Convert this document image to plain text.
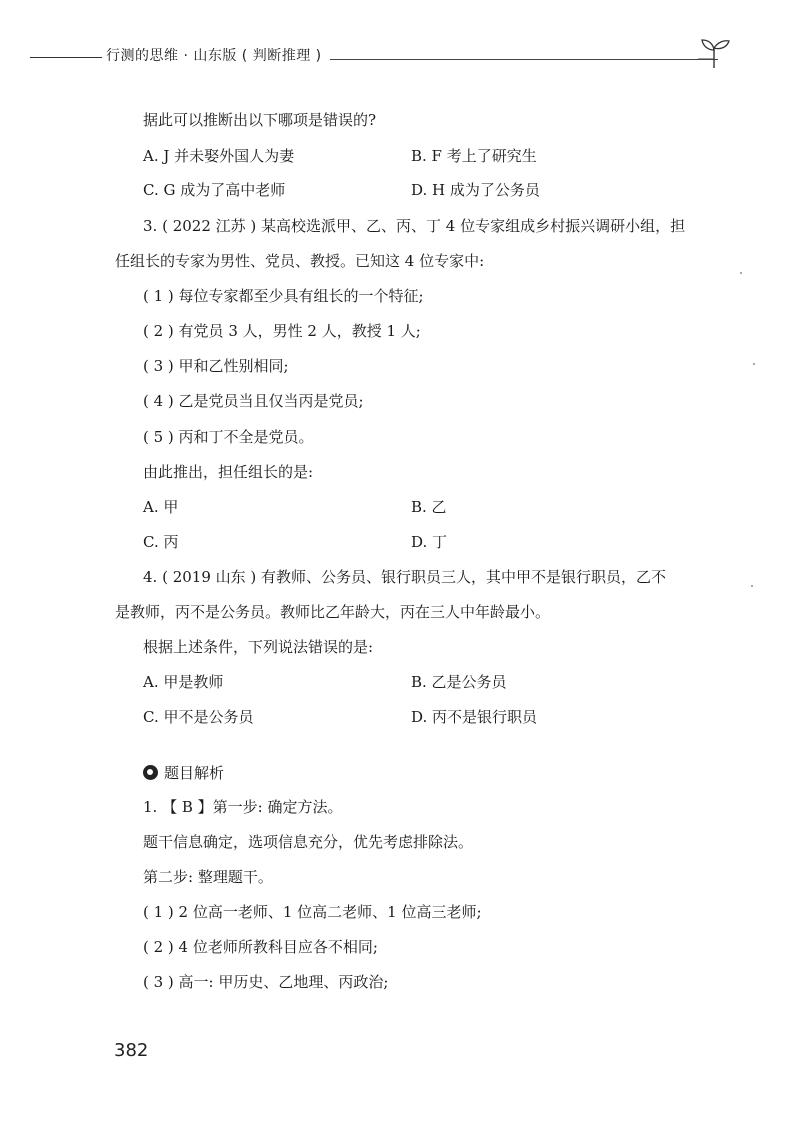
行测的思维 · 山东版 ( 判断推理 )
据此可以推断出以下哪项是错误的?
A. J 并未娶外国人为妻	B. F 考上了研究生
C. G 成为了高中老师	D. H 成为了公务员
3. ( 2022 江苏 ) 某高校选派甲、乙、丙、丁 4 位专家组成乡村振兴调研小组，担
任组长的专家为男性、党员、教授。已知这 4 位专家中:
( 1 ) 每位专家都至少具有组长的一个特征;
( 2 ) 有党员 3 人，男性 2 人，教授 1 人;
( 3 ) 甲和乙性别相同;
( 4 ) 乙是党员当且仅当丙是党员;
( 5 ) 丙和丁不全是党员。
由此推出，担任组长的是:
A. 甲	B. 乙
C. 丙	D. 丁
4. ( 2019 山东 ) 有教师、公务员、银行职员三人，其中甲不是银行职员，乙不
是教师，丙不是公务员。教师比乙年龄大，丙在三人中年龄最小。
根据上述条件，下列说法错误的是:
A. 甲是教师	B. 乙是公务员
C. 甲不是公务员	D. 丙不是银行职员
题目解析
1. 【 B 】第一步: 确定方法。
题干信息确定，选项信息充分，优先考虑排除法。
第二步: 整理题干。
( 1 ) 2 位高一老师、1 位高二老师、1 位高三老师;
( 2 ) 4 位老师所教科目应各不相同;
( 3 ) 高一: 甲历史、乙地理、丙政治;
382
